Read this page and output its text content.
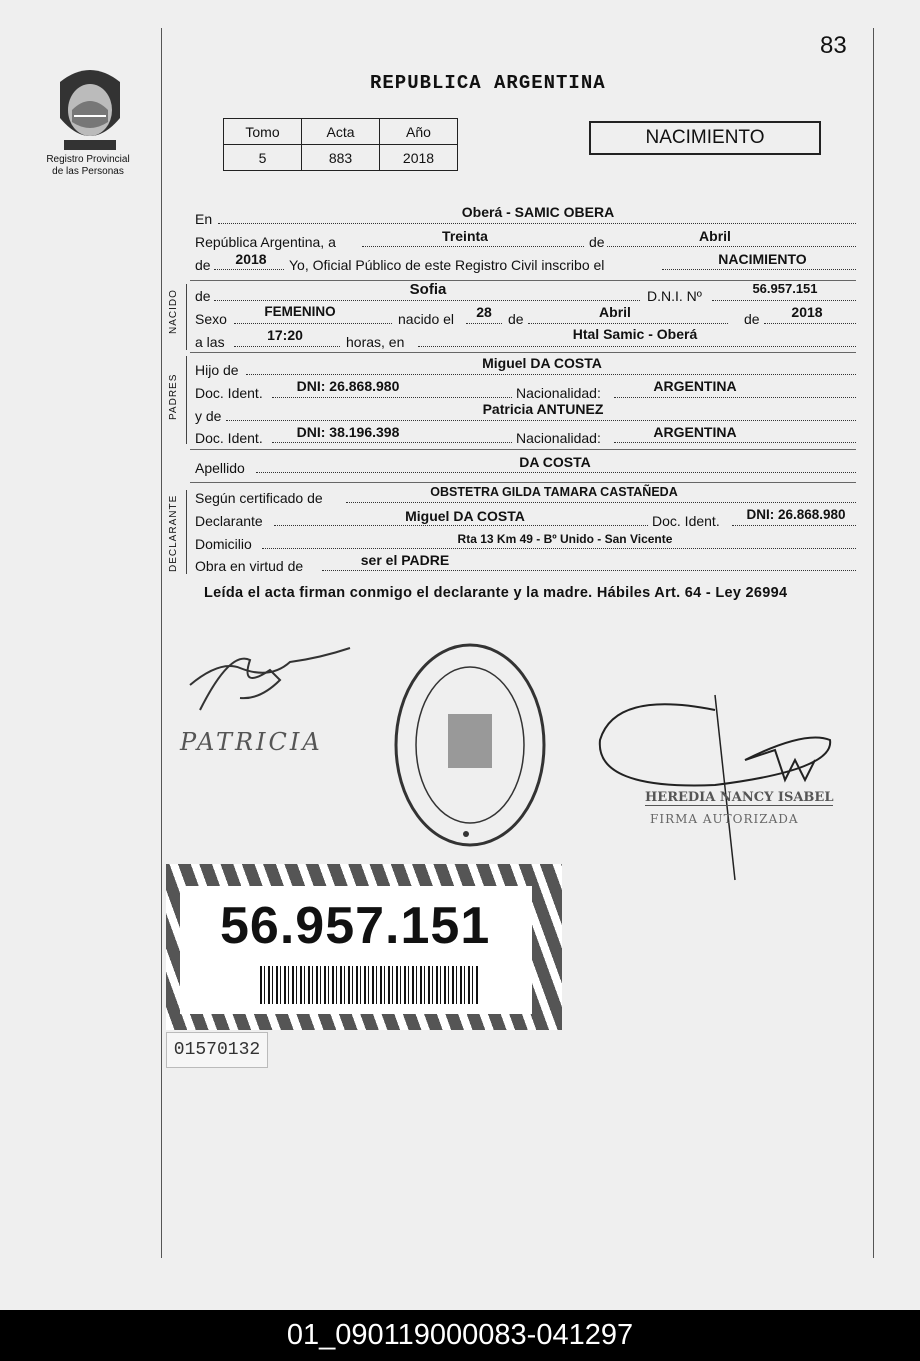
83
Registro Provincial
de las Personas
REPUBLICA ARGENTINA
Tomo	Acta	Año
5	883	2018
NACIMIENTO
En	Oberá - SAMIC OBERA
República Argentina, a	Treinta	de	Abril
de	2018	Yo, Oficial Público de este Registro Civil inscribo el	NACIMIENTO
NACIDO de	Sofia	D.N.I. Nº	56.957.151
Sexo	FEMENINO	nacido el	28	de	Abril	de	2018
a las	17:20	horas, en	Htal Samic - Oberá
PADRES
Hijo de	Miguel DA COSTA
Doc. Ident.	DNI: 26.868.980	Nacionalidad:	ARGENTINA
y de	Patricia ANTUNEZ
Doc. Ident.	DNI: 38.196.398	Nacionalidad:	ARGENTINA
Apellido	DA COSTA
DECLARANTE Según certificado de	OBSTETRA GILDA TAMARA CASTAÑEDA
Declarante	Miguel DA COSTA	Doc. Ident.	DNI: 26.868.980
Domicilio	Rta 13 Km 49 - Bº Unido - San Vicente
Obra en virtud de	ser el PADRE
Leída el acta firman conmigo el declarante y la madre. Hábiles Art. 64 - Ley 26994
PATRICIA
HEREDIA NANCY ISABEL
FIRMA AUTORIZADA
56.957.151
01570132
01_090119000083-041297
